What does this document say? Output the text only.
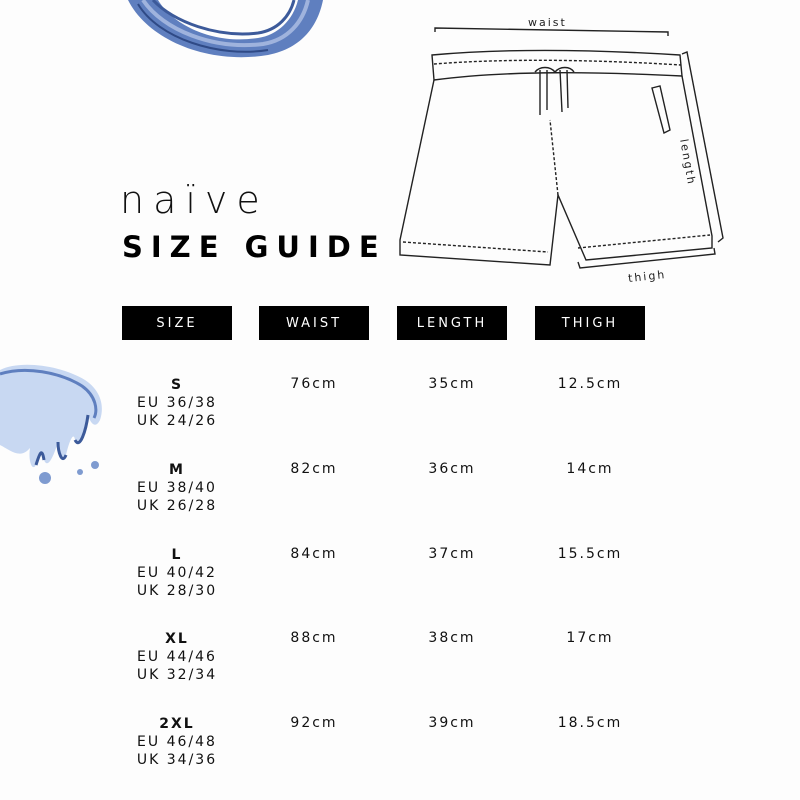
waist
length
thigh
naïve
SIZE GUIDE
SIZE	WAIST	LENGTH	THIGH
S
EU 36/38
UK 24/26
76cm	35cm	12.5cm
M
EU 38/40
UK 26/28
82cm	36cm	14cm
L
EU 40/42
UK 28/30
84cm	37cm	15.5cm
XL
EU 44/46
UK 32/34
88cm	38cm	17cm
2XL
EU 46/48
UK 34/36
92cm	39cm	18.5cm
